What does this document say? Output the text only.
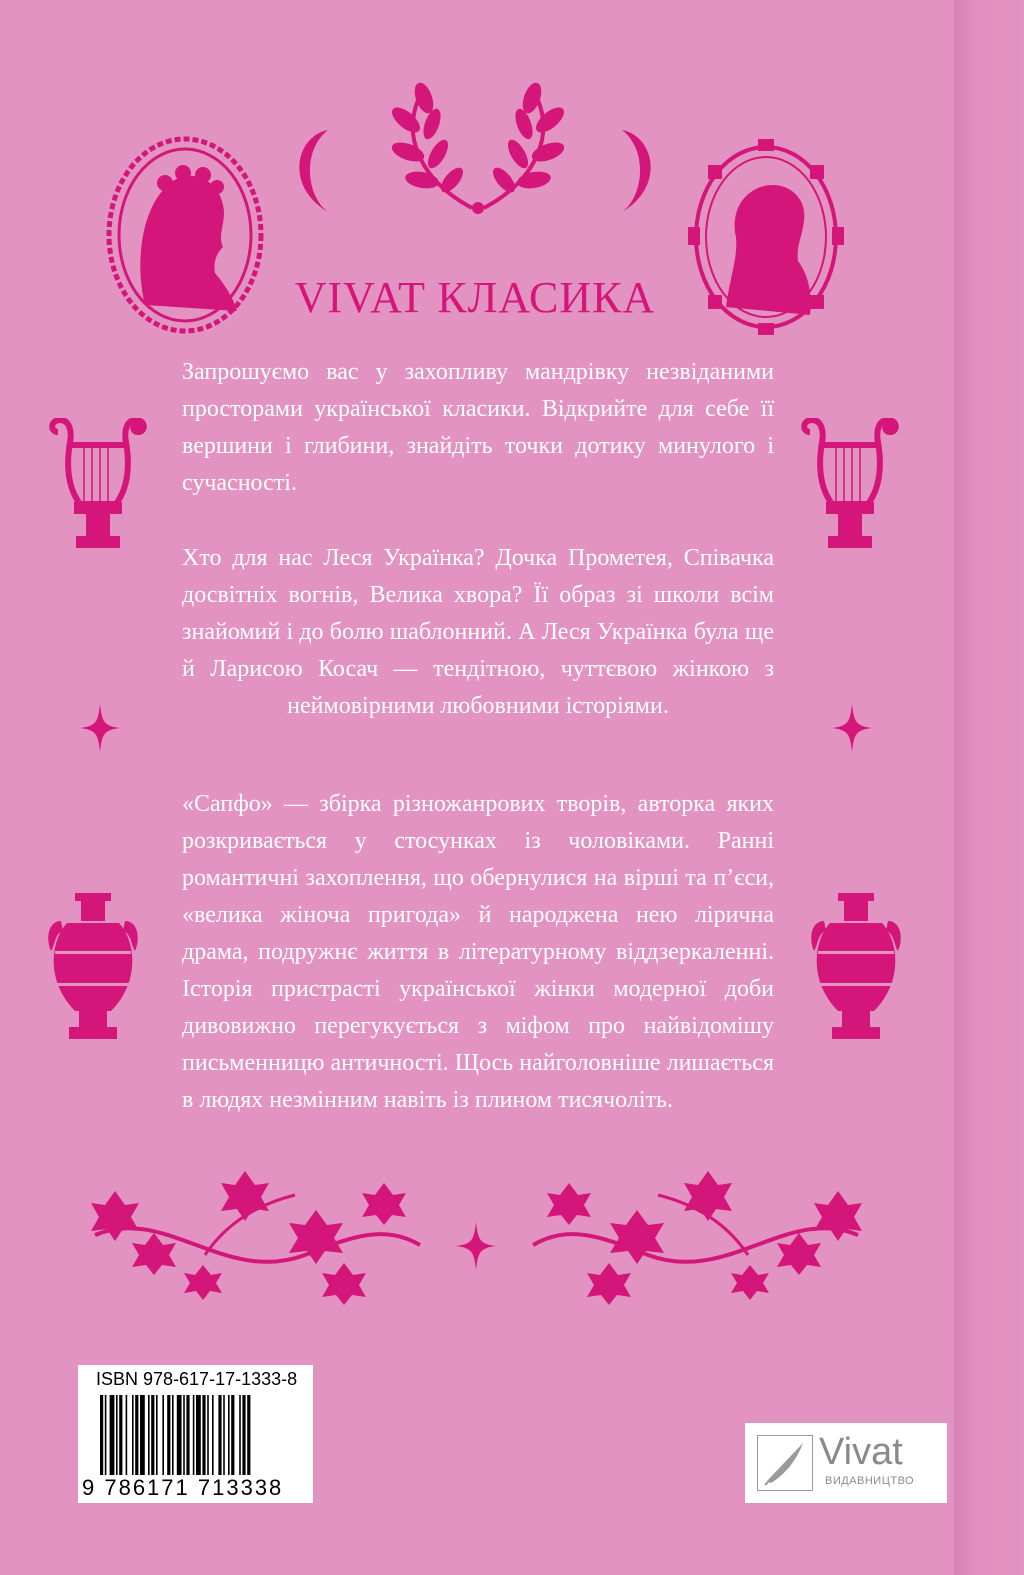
VIVAT КЛАСИКА
Запрошуємо вас у захопливу мандрівку незвіданими просторами української класики. Відкрийте для себе її вершини і глибини, знайдіть точки дотику минулого і сучасності.
Хто для нас Леся Українка? Дочка Прометея, Співачка досвітніх вогнів, Велика хвора? Її образ зі школи всім знайомий і до болю шаблонний. А Леся Українка була ще й Ларисою Косач — тендітною, чуттєвою жінкою з неймовірними любовними історіями.
«Сапфо» — збірка різножанрових творів, авторка яких розкривається у стосунках із чоловіками. Ранні романтичні захоплення, що обернулися на вірші та п’єси, «велика жіноча пригода» й народжена нею лірична драма, подружнє життя в літературному віддзеркаленні. Історія пристрасті української жінки модерної доби дивовижно перегукується з міфом про найвідомішу письменницю античності. Щось найголовніше лишається в людях незмінним навіть із плином тисячоліть.
ISBN 978-617-17-1333-8
9 786171 713338
Vivat
ВИДАВНИЦТВО
